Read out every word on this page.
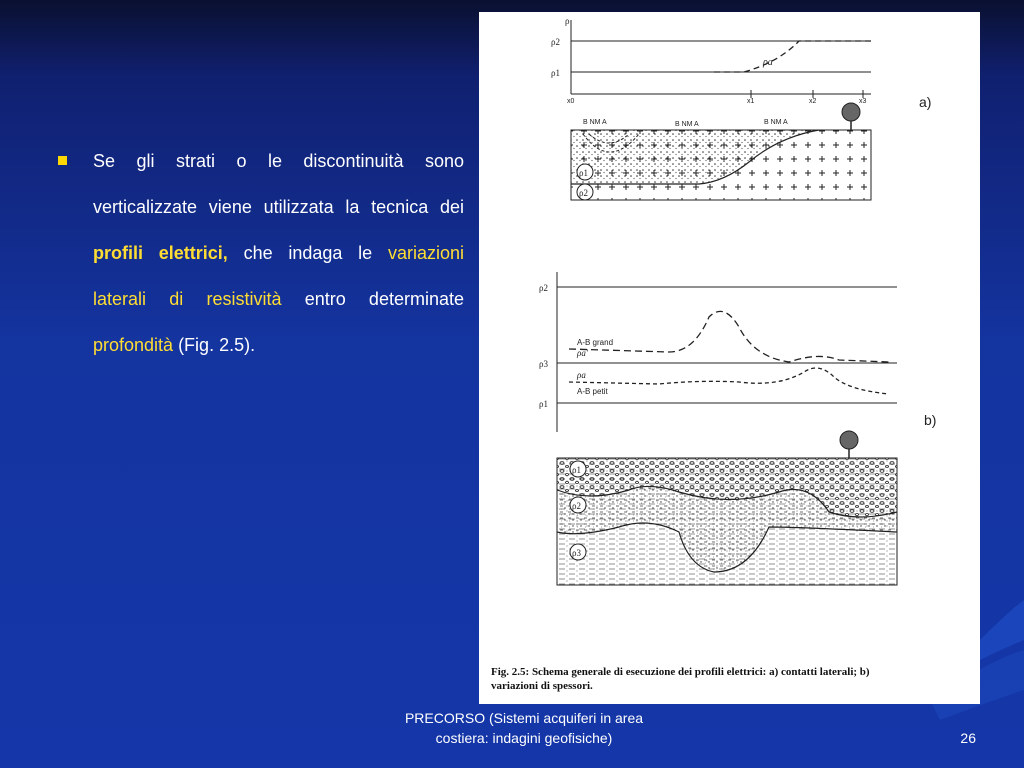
Se gli strati o le discontinuità sono verticalizzate viene utilizzata la tecnica dei profili elettrici, che indaga le variazioni laterali di resistività entro determinate profondità (Fig. 2.5).
ρ
ρ2
ρ1
ρa
x0	x1	x2	x3	a)
B NM A	B NM A	B NM A
ρ1
ρ2
ρ2
ρ3
ρ1
A-B grand
ρa'
ρa
A-B petit
b)
ρ1
ρ2
ρ3
Fig. 2.5: Schema generale di esecuzione dei profili elettrici: a) contatti laterali; b)
variazioni di spessori.
PRECORSO (Sistemi acquiferi in area
costiera: indagini geofisiche)	26
